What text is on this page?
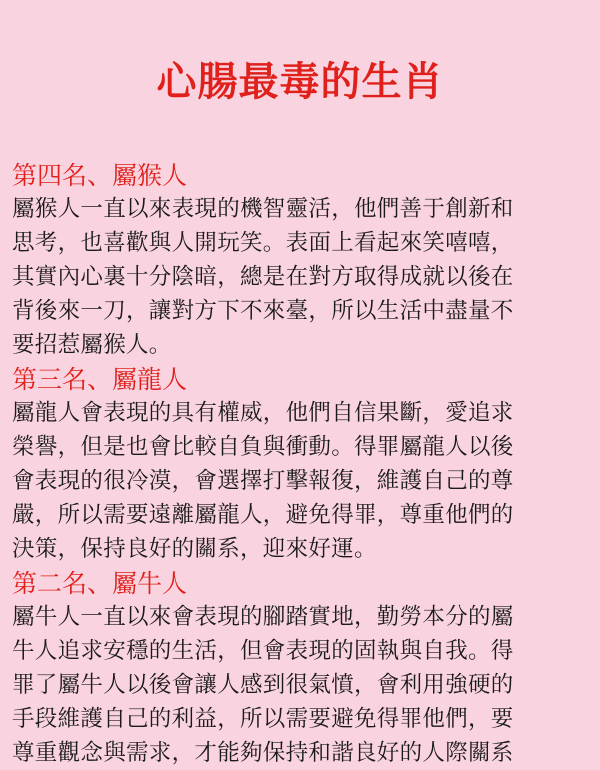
心腸最毒的生肖
第四名、屬猴人
屬猴人一直以來表現的機智靈活，他們善于創新和
思考，也喜歡與人開玩笑。表面上看起來笑嘻嘻，
其實內心裏十分陰暗，總是在對方取得成就以後在
背後來一刀，讓對方下不來臺，所以生活中盡量不
要招惹屬猴人。
第三名、屬龍人
屬龍人會表現的具有權威，他們自信果斷，愛追求
榮譽，但是也會比較自負與衝動。得罪屬龍人以後
會表現的很冷漠，會選擇打擊報復，維護自己的尊
嚴，所以需要遠離屬龍人，避免得罪，尊重他們的
決策，保持良好的關系，迎來好運。
第二名、屬牛人
屬牛人一直以來會表現的腳踏實地，勤勞本分的屬
牛人追求安穩的生活，但會表現的固執與自我。得
罪了屬牛人以後會讓人感到很氣憤，會利用強硬的
手段維護自己的利益，所以需要避免得罪他們，要
尊重觀念與需求，才能夠保持和諧良好的人際關系
